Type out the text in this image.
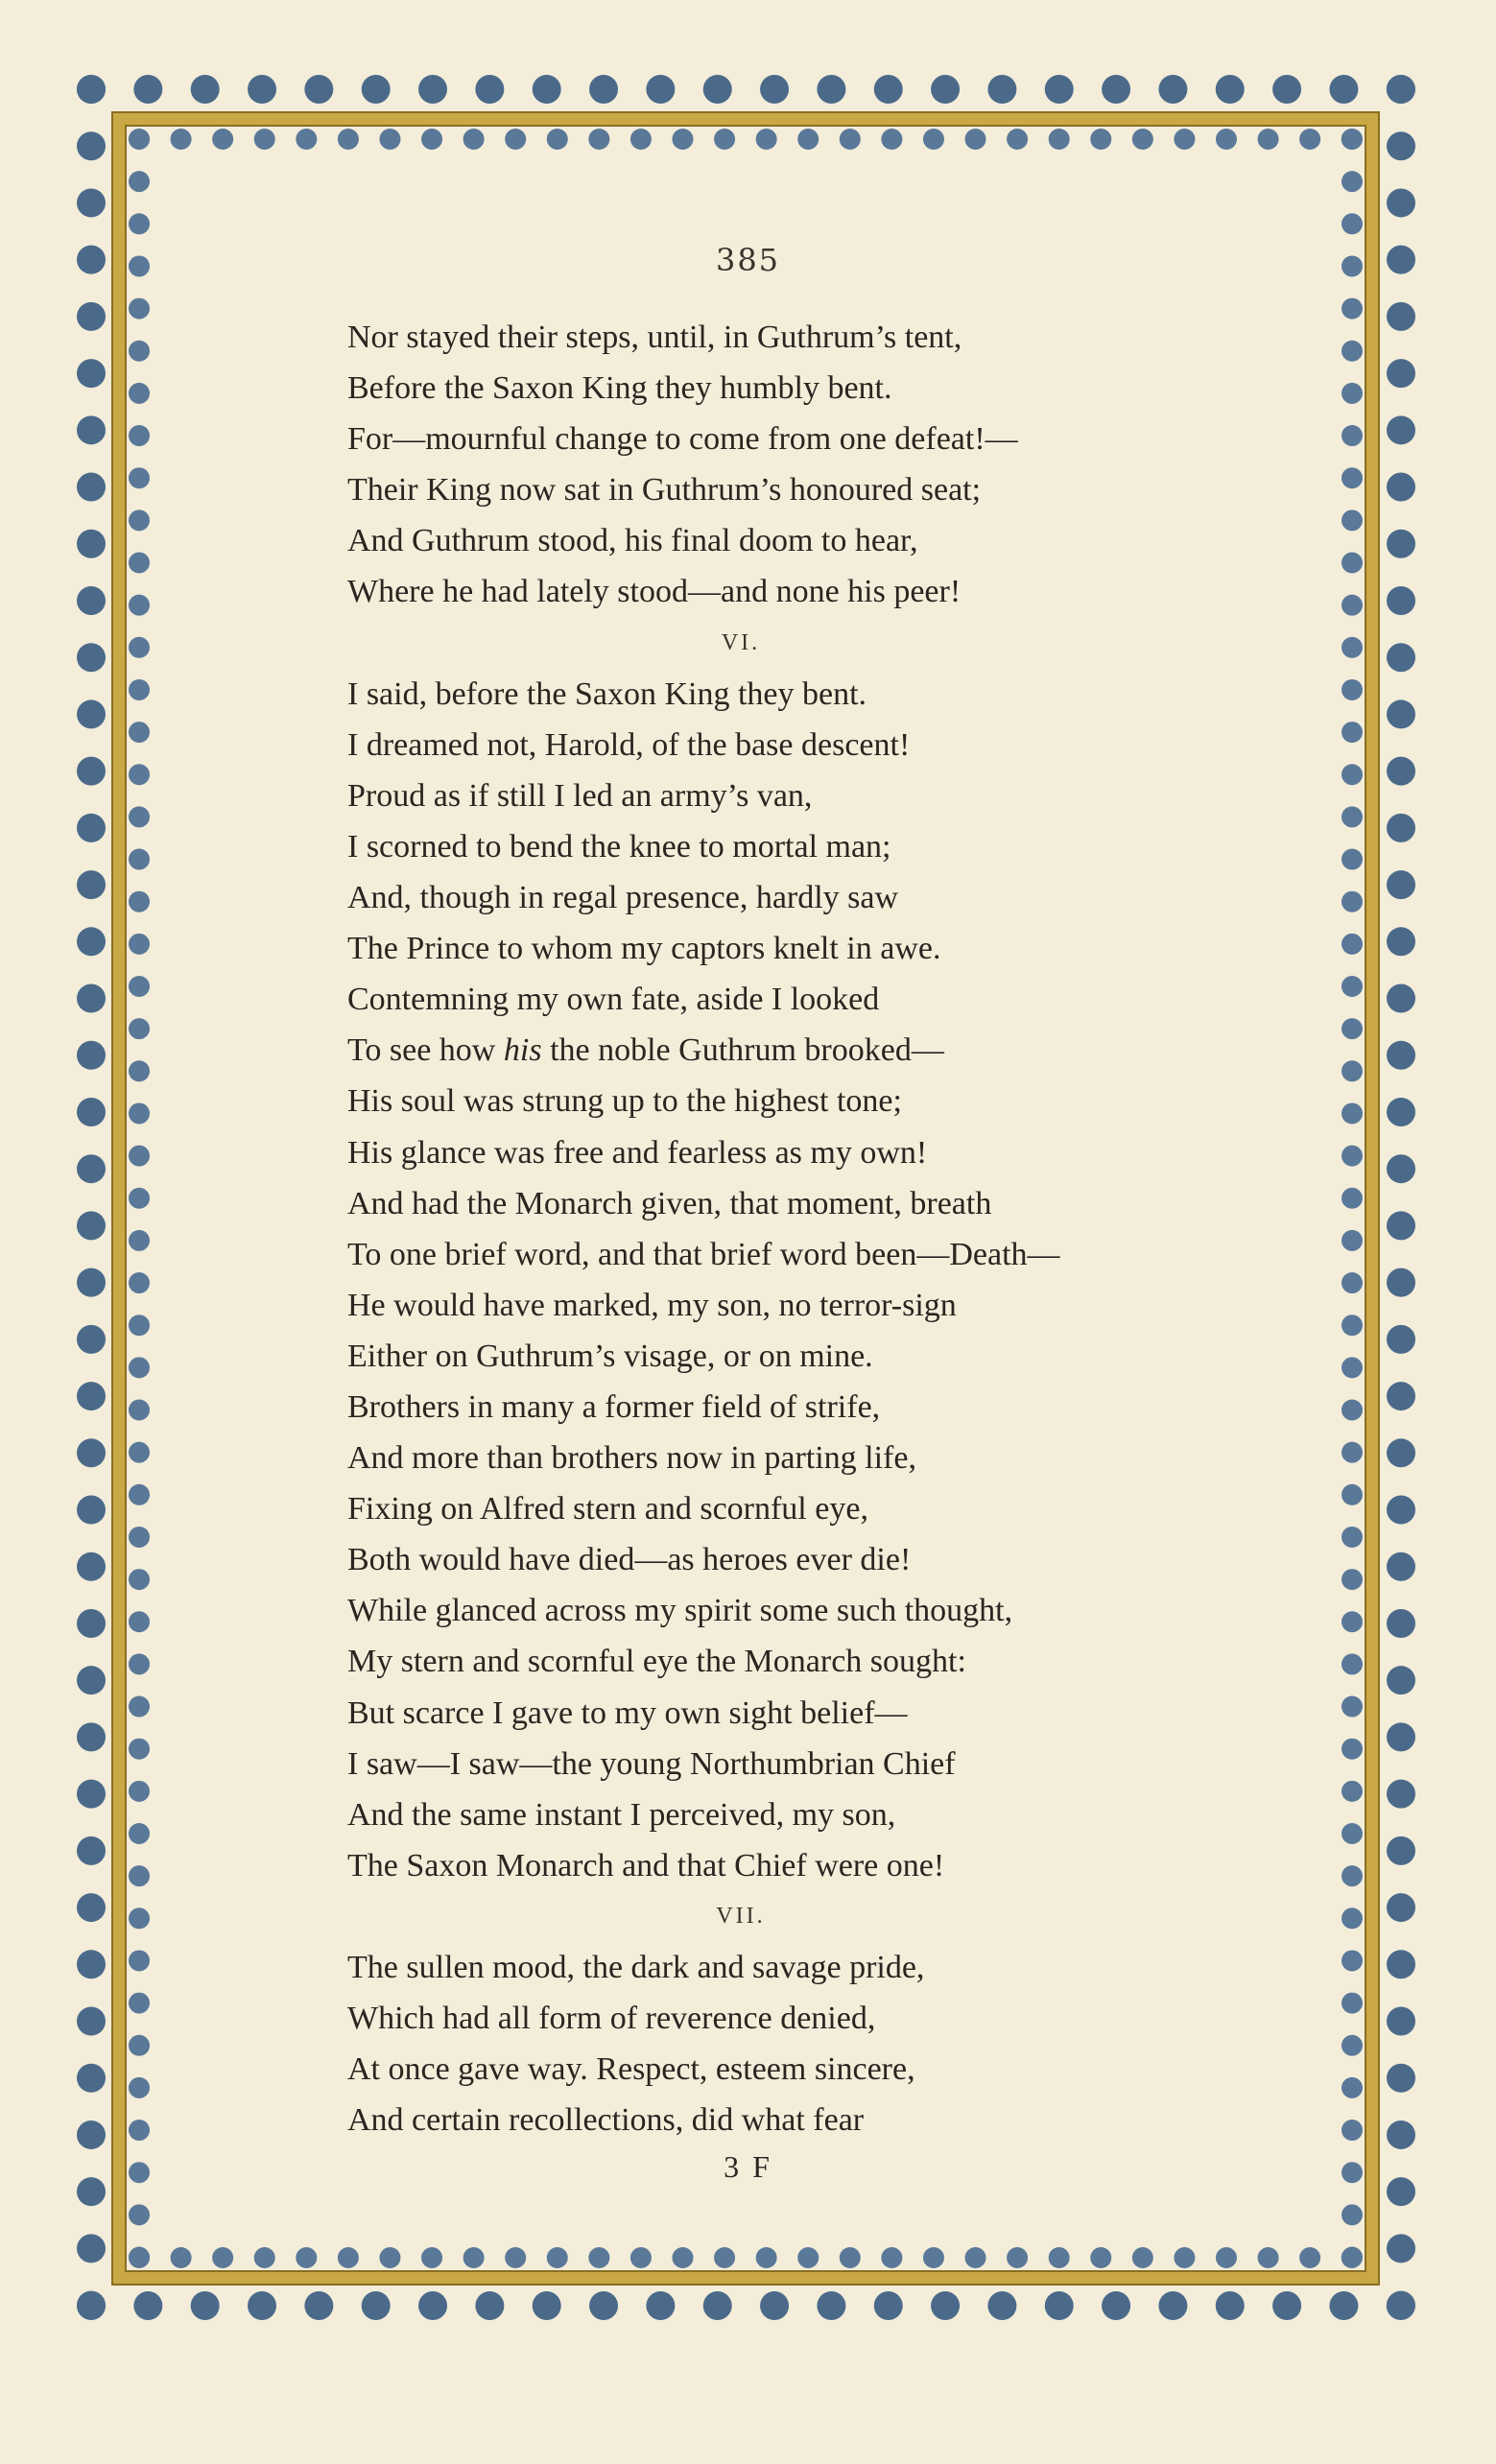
385
Nor stayed their steps, until, in Guthrum’s tent,
Before the Saxon King they humbly bent.
For—mournful change to come from one defeat!—
Their King now sat in Guthrum’s honoured seat;
And Guthrum stood, his final doom to hear,
Where he had lately stood—and none his peer!
VI.
I said, before the Saxon King they bent.
I dreamed not, Harold, of the base descent!
Proud as if still I led an army’s van,
I scorned to bend the knee to mortal man;
And, though in regal presence, hardly saw
The Prince to whom my captors knelt in awe.
Contemning my own fate, aside I looked
To see how his the noble Guthrum brooked—
His soul was strung up to the highest tone;
His glance was free and fearless as my own!
And had the Monarch given, that moment, breath
To one brief word, and that brief word been—Death—
He would have marked, my son, no terror-sign
Either on Guthrum’s visage, or on mine.
Brothers in many a former field of strife,
And more than brothers now in parting life,
Fixing on Alfred stern and scornful eye,
Both would have died—as heroes ever die!
While glanced across my spirit some such thought,
My stern and scornful eye the Monarch sought:
But scarce I gave to my own sight belief—
I saw—I saw—the young Northumbrian Chief
And the same instant I perceived, my son,
The Saxon Monarch and that Chief were one!
VII.
The sullen mood, the dark and savage pride,
Which had all form of reverence denied,
At once gave way. Respect, esteem sincere,
And certain recollections, did what fear
3 F
